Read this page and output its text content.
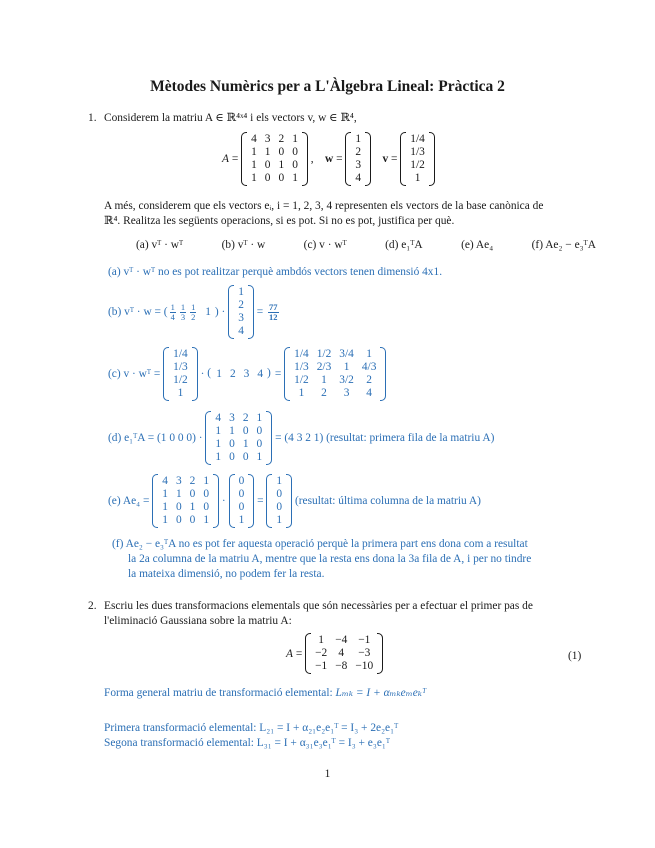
Mètodes Numèrics per a L'Àlgebra Lineal: Pràctica 2
1. Considerem la matriu A ∈ ℝ⁴ˣ⁴ i els vectors v, w ∈ ℝ⁴,
A =
4	3	2	1
1	1	0	0
1	0	1	0
1	0	0	1
, w =
1
2
3
4

v =
1/4
1/3
1/2
1
A més, considerem que els vectors eᵢ, i = 1, 2, 3, 4 representen els vectors de la base canònica de
ℝ⁴. Realitza les següents operacions, si es pot. Si no es pot, justifica per què.
(a) vᵀ · wᵀ	(b) vᵀ · w	(c) v · wᵀ	(d) e₁ᵀA	(e) Ae₄	(f) Ae₂ − e₃ᵀA
(a) vᵀ · wᵀ no es pot realitzar perquè ambdós vectors tenen dimensió 4x1.
(b) vᵀ · w = ( $\frac{1}{4} \frac{1}{3} \frac{1}{2} 1$ ) ·
1
2
3
4
= $\frac{77}{12}$
(c) v · wᵀ =

1/4
1/3
1/2
1
· ( 1	2	3	4 ) =
1/4	1/2	3/4	1
1/3	2/3	1	4/3
1/2	1	3/2	2
1	2	3	4
(d) e₁ᵀA = (1 0 0 0) ·

4	3	2	1
1	1	0	0
1	0	1	0
1	0	0	1

= (4 3 2 1)
(resultat: primera fila de la matriu A)
(e) Ae₄ =

4	3	2	1
1	1	0	0
1	0	1	0
1	0	0	1
·
0
0
0
1
=
1
0
0
1

(resultat: última columna de la matriu A)
(f) Ae₂ − e₃ᵀA no es pot fer aquesta operació perquè la primera part ens dona com a resultat
la 2a columna de la matriu A, mentre que la resta ens dona la 3a fila de A, i per no tindre
la mateixa dimensió, no podem fer la resta.
2. Escriu les dues transformacions elementals que són necessàries per a efectuar el primer pas de
l'eliminació Gaussiana sobre la matriu A:
A =
1	−4	−1
−2	4	−3
−1	−8	−10
(1)
Forma general matriu de transformació elemental: Lₘₖ = I + αₘₖeₘeₖᵀ
Primera transformació elemental: L₂₁ = I + α₂₁e₂e₁ᵀ = I₃ + 2e₂e₁ᵀ
Segona transformació elemental: L₃₁ = I + α₃₁e₃e₁ᵀ = I₃ + e₃e₁ᵀ
1
